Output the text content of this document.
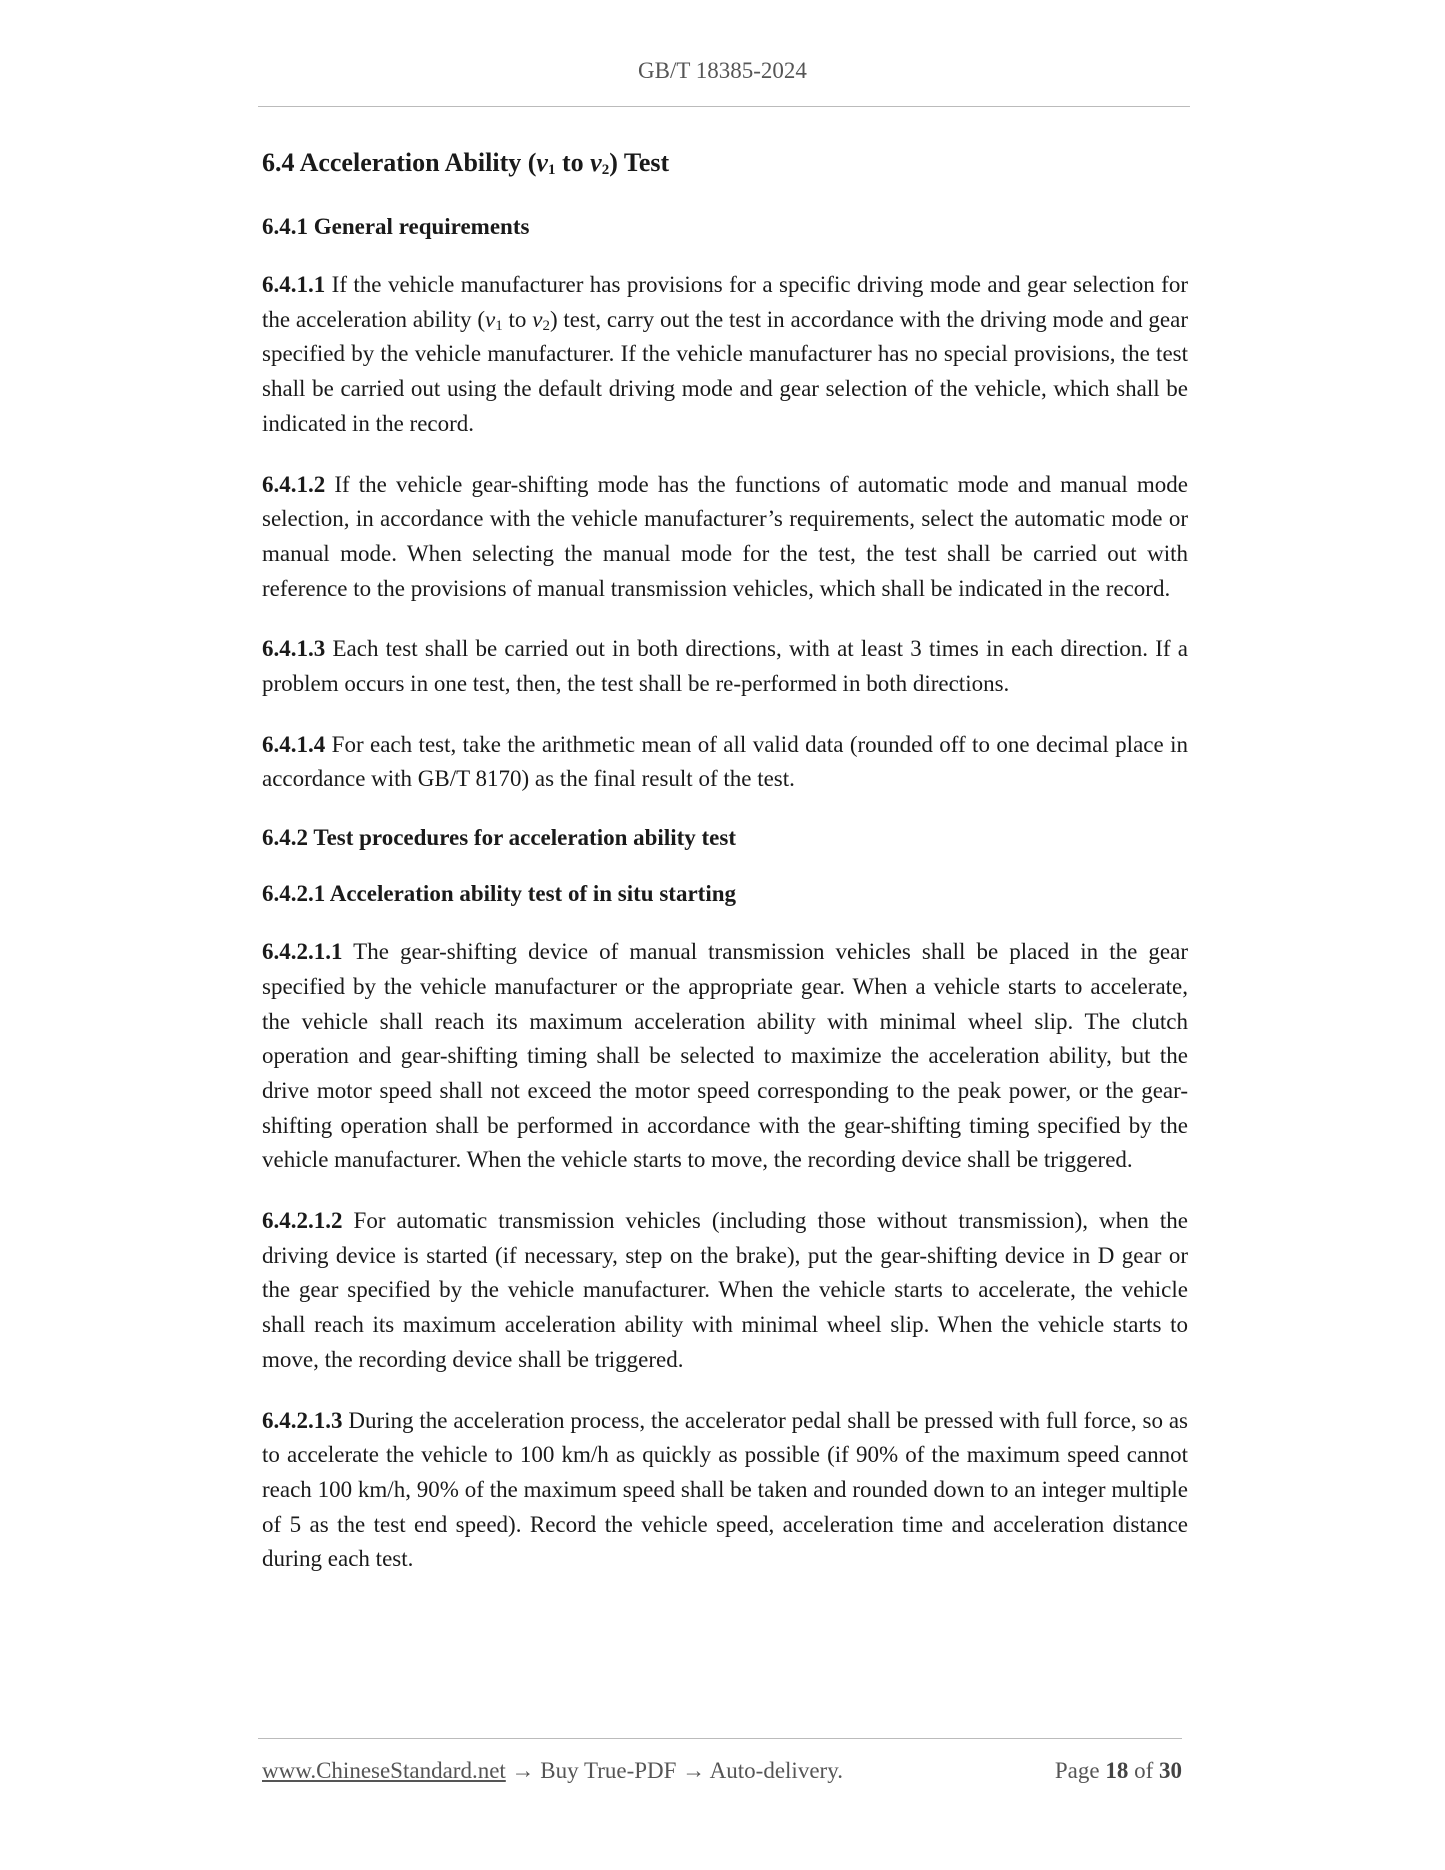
GB/T 18385-2024
6.4 Acceleration Ability ($v_1$ to $v_2$) Test
6.4.1 General requirements
6.4.1.1 If the vehicle manufacturer has provisions for a specific driving mode and gear selection for the acceleration ability ($v_1$ to $v_2$) test, carry out the test in accordance with the driving mode and gear specified by the vehicle manufacturer. If the vehicle manufacturer has no special provisions, the test shall be carried out using the default driving mode and gear selection of the vehicle, which shall be indicated in the record.
6.4.1.2 If the vehicle gear-shifting mode has the functions of automatic mode and manual mode selection, in accordance with the vehicle manufacturer’s requirements, select the automatic mode or manual mode. When selecting the manual mode for the test, the test shall be carried out with reference to the provisions of manual transmission vehicles, which shall be indicated in the record.
6.4.1.3 Each test shall be carried out in both directions, with at least 3 times in each direction. If a problem occurs in one test, then, the test shall be re-performed in both directions.
6.4.1.4 For each test, take the arithmetic mean of all valid data (rounded off to one decimal place in accordance with GB/T 8170) as the final result of the test.
6.4.2 Test procedures for acceleration ability test
6.4.2.1 Acceleration ability test of in situ starting
6.4.2.1.1 The gear-shifting device of manual transmission vehicles shall be placed in the gear specified by the vehicle manufacturer or the appropriate gear. When a vehicle starts to accelerate, the vehicle shall reach its maximum acceleration ability with minimal wheel slip. The clutch operation and gear-shifting timing shall be selected to maximize the acceleration ability, but the drive motor speed shall not exceed the motor speed corresponding to the peak power, or the gear-shifting operation shall be performed in accordance with the gear-shifting timing specified by the vehicle manufacturer. When the vehicle starts to move, the recording device shall be triggered.
6.4.2.1.2 For automatic transmission vehicles (including those without transmission), when the driving device is started (if necessary, step on the brake), put the gear-shifting device in D gear or the gear specified by the vehicle manufacturer. When the vehicle starts to accelerate, the vehicle shall reach its maximum acceleration ability with minimal wheel slip. When the vehicle starts to move, the recording device shall be triggered.
6.4.2.1.3 During the acceleration process, the accelerator pedal shall be pressed with full force, so as to accelerate the vehicle to 100 km/h as quickly as possible (if 90% of the maximum speed cannot reach 100 km/h, 90% of the maximum speed shall be taken and rounded down to an integer multiple of 5 as the test end speed). Record the vehicle speed, acceleration time and acceleration distance during each test.
www.ChineseStandard.net → Buy True-PDF → Auto-delivery.	Page 18 of 30
